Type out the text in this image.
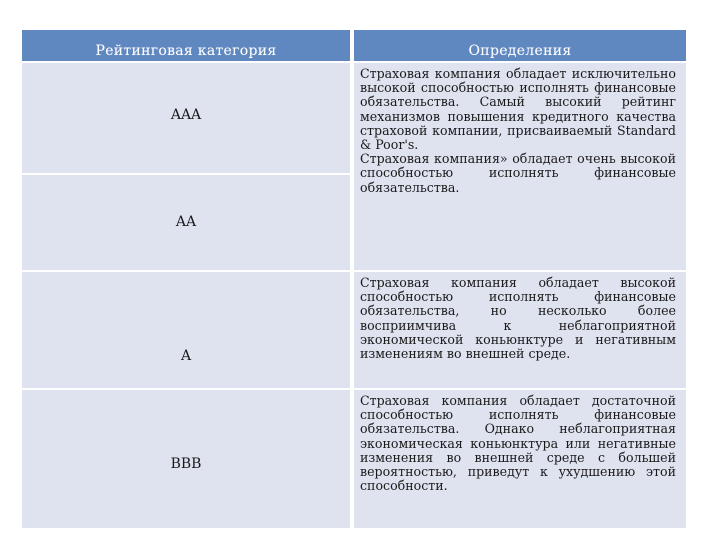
Рейтинговая категория	Определения
AAA

Страховая компания обладает исключительно высокой способностью исполнять финансовые обязательства. Самый высокий рейтинг механизмов повышения кредитного качества страховой компании, присваиваемый Standard & Poor's.

Страховая компания» обладает очень высокой способностью исполнять финансовые обязательства.

AA
A
Страховая компания обладает высокой способностью исполнять финансовые обязательства, но несколько более восприимчива к неблагоприятной экономической коньюнктуре и негативным изменениям во внешней среде.
BBB
Страховая компания обладает достаточной способностью исполнять финансовые обязательства. Однако неблагоприятная экономическая коньюнктура или негативные изменения во внешней среде с большей вероятностью, приведут к ухудшению этой способности.
